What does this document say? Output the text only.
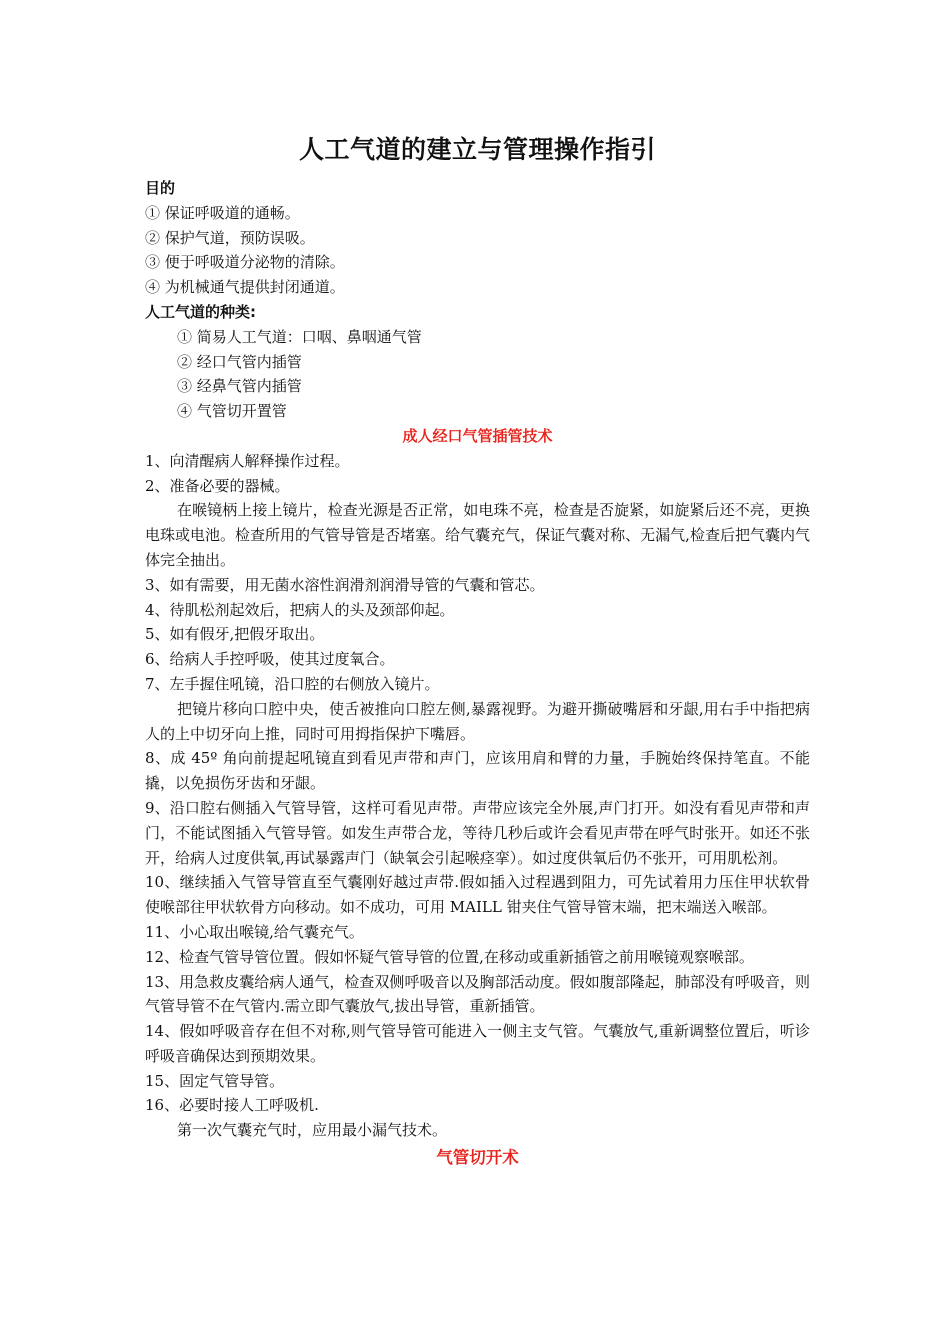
人工气道的建立与管理操作指引

目的

① 保证呼吸道的通畅。

② 保护气道，预防误吸。

③ 便于呼吸道分泌物的清除。

④ 为机械通气提供封闭通道。

人工气道的种类:

① 简易人工气道：口咽、鼻咽通气管

② 经口气管内插管

③ 经鼻气管内插管

④ 气管切开置管

成人经口气管插管技术

1、向清醒病人解释操作过程。

2、准备必要的器械。

在喉镜柄上接上镜片，检查光源是否正常，如电珠不亮，检查是否旋紧，如旋紧后还不亮，更换电珠或电池。检查所用的气管导管是否堵塞。给气囊充气，保证气囊对称、无漏气,检查后把气囊内气体完全抽出。

3、如有需要，用无菌水溶性润滑剂润滑导管的气囊和管芯。

4、待肌松剂起效后，把病人的头及颈部仰起。

5、如有假牙,把假牙取出。

6、给病人手控呼吸，使其过度氧合。

7、左手握住吼镜，沿口腔的右侧放入镜片。

把镜片移向口腔中央，使舌被推向口腔左侧,暴露视野。为避开撕破嘴唇和牙龈,用右手中指把病人的上中切牙向上推，同时可用拇指保护下嘴唇。

8、成 45º 角向前提起吼镜直到看见声带和声门，应该用肩和臂的力量，手腕始终保持笔直。不能撬，以免损伤牙齿和牙龈。

9、沿口腔右侧插入气管导管，这样可看见声带。声带应该完全外展,声门打开。如没有看见声带和声门，不能试图插入气管导管。如发生声带合龙，等待几秒后或许会看见声带在呼气时张开。如还不张开，给病人过度供氧,再试暴露声门（缺氧会引起喉痉挛）。如过度供氧后仍不张开，可用肌松剂。

10、继续插入气管导管直至气囊刚好越过声带.假如插入过程遇到阻力，可先试着用力压住甲状软骨使喉部往甲状软骨方向移动。如不成功，可用 MAILL 钳夹住气管导管末端，把末端送入喉部。

11、小心取出喉镜,给气囊充气。

12、检查气管导管位置。假如怀疑气管导管的位置,在移动或重新插管之前用喉镜观察喉部。

13、用急救皮囊给病人通气，检查双侧呼吸音以及胸部活动度。假如腹部隆起，肺部没有呼吸音，则气管导管不在气管内.需立即气囊放气,拔出导管，重新插管。

14、假如呼吸音存在但不对称,则气管导管可能进入一侧主支气管。气囊放气,重新调整位置后，听诊呼吸音确保达到预期效果。

15、固定气管导管。

16、必要时接人工呼吸机.

第一次气囊充气时，应用最小漏气技术。

气管切开术
